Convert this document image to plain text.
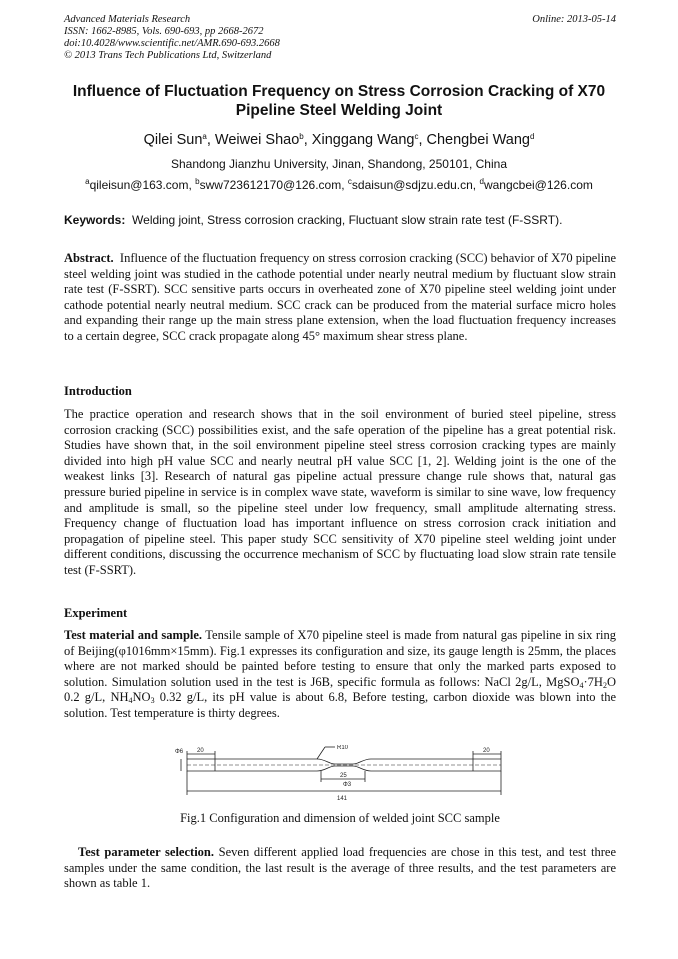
Advanced Materials Research
ISSN: 1662-8985, Vols. 690-693, pp 2668-2672
doi:10.4028/www.scientific.net/AMR.690-693.2668
© 2013 Trans Tech Publications Ltd, Switzerland
Online: 2013-05-14
Influence of Fluctuation Frequency on Stress Corrosion Cracking of X70
Pipeline Steel Welding Joint
Qilei Sun$^a$, Weiwei Shao$^b$, Xinggang Wang$^c$, Chengbei Wang$^d$
Shandong Jianzhu University, Jinan, Shandong, 250101, China
$^a$qileisun@163.com, $^b$sww723612170@126.com, $^c$sdaisun@sdjzu.edu.cn, $^d$wangcbei@126.com
Keywords: Welding joint, Stress corrosion cracking, Fluctuant slow strain rate test (F-SSRT).
Abstract. Influence of the fluctuation frequency on stress corrosion cracking (SCC) behavior of X70 pipeline steel welding joint was studied in the cathode potential under nearly neutral medium by fluctuant slow strain rate test (F-SSRT). SCC sensitive parts occurs in overheated zone of X70 pipeline steel welding joint under cathode potential nearly neutral medium. SCC crack can be produced from the material surface micro holes and expanding their range up the main stress plane extension, when the load fluctuation frequency increases to a certain degree, SCC crack propagate along 45° maximum shear stress plane.
Introduction
The practice operation and research shows that in the soil environment of buried steel pipeline, stress corrosion cracking (SCC) possibilities exist, and the safe operation of the pipeline has a great potential risk. Studies have shown that, in the soil environment pipeline steel stress corrosion cracking types are mainly divided into high pH value SCC and nearly neutral pH value SCC [1, 2]. Welding joint is the one of the weakest links [3]. Research of natural gas pipeline actual pressure change rule shows that, natural gas pressure buried pipeline in service is in complex wave state, waveform is similar to sine wave, low frequency and amplitude is small, so the pipeline steel under low frequency, small amplitude alternating stress. Frequency change of fluctuation load has important influence on stress corrosion crack initiation and propagation of pipeline steel. This paper study SCC sensitivity of X70 pipeline steel welding joint under different conditions, discussing the occurrence mechanism of SCC by fluctuating load slow strain rate tensile test (F-SSRT).
Experiment
Test material and sample. Tensile sample of X70 pipeline steel is made from natural gas pipeline in six ring of Beijing(φ1016mm×15mm). Fig.1 expresses its configuration and size, its gauge length is 25mm, the places where are not marked should be painted before testing to ensure that only the marked parts exposed to solution. Simulation solution used in the test is J6B, specific formula as follows: NaCl 2g/L, $MgSO_4\cdot 7H_2O$ 0.2 g/L, $NH_4NO_3$ 0.32 g/L, its pH value is about 6.8, Before testing, carbon dioxide was blown into the solution. Test temperature is thirty degrees.
Φ6 20	R10
25
Φ3
20
141
Fig.1 Configuration and dimension of welded joint SCC sample
Test parameter selection. Seven different applied load frequencies are chose in this test, and test three samples under the same condition, the last result is the average of three results, and the test parameters are shown as table 1.
